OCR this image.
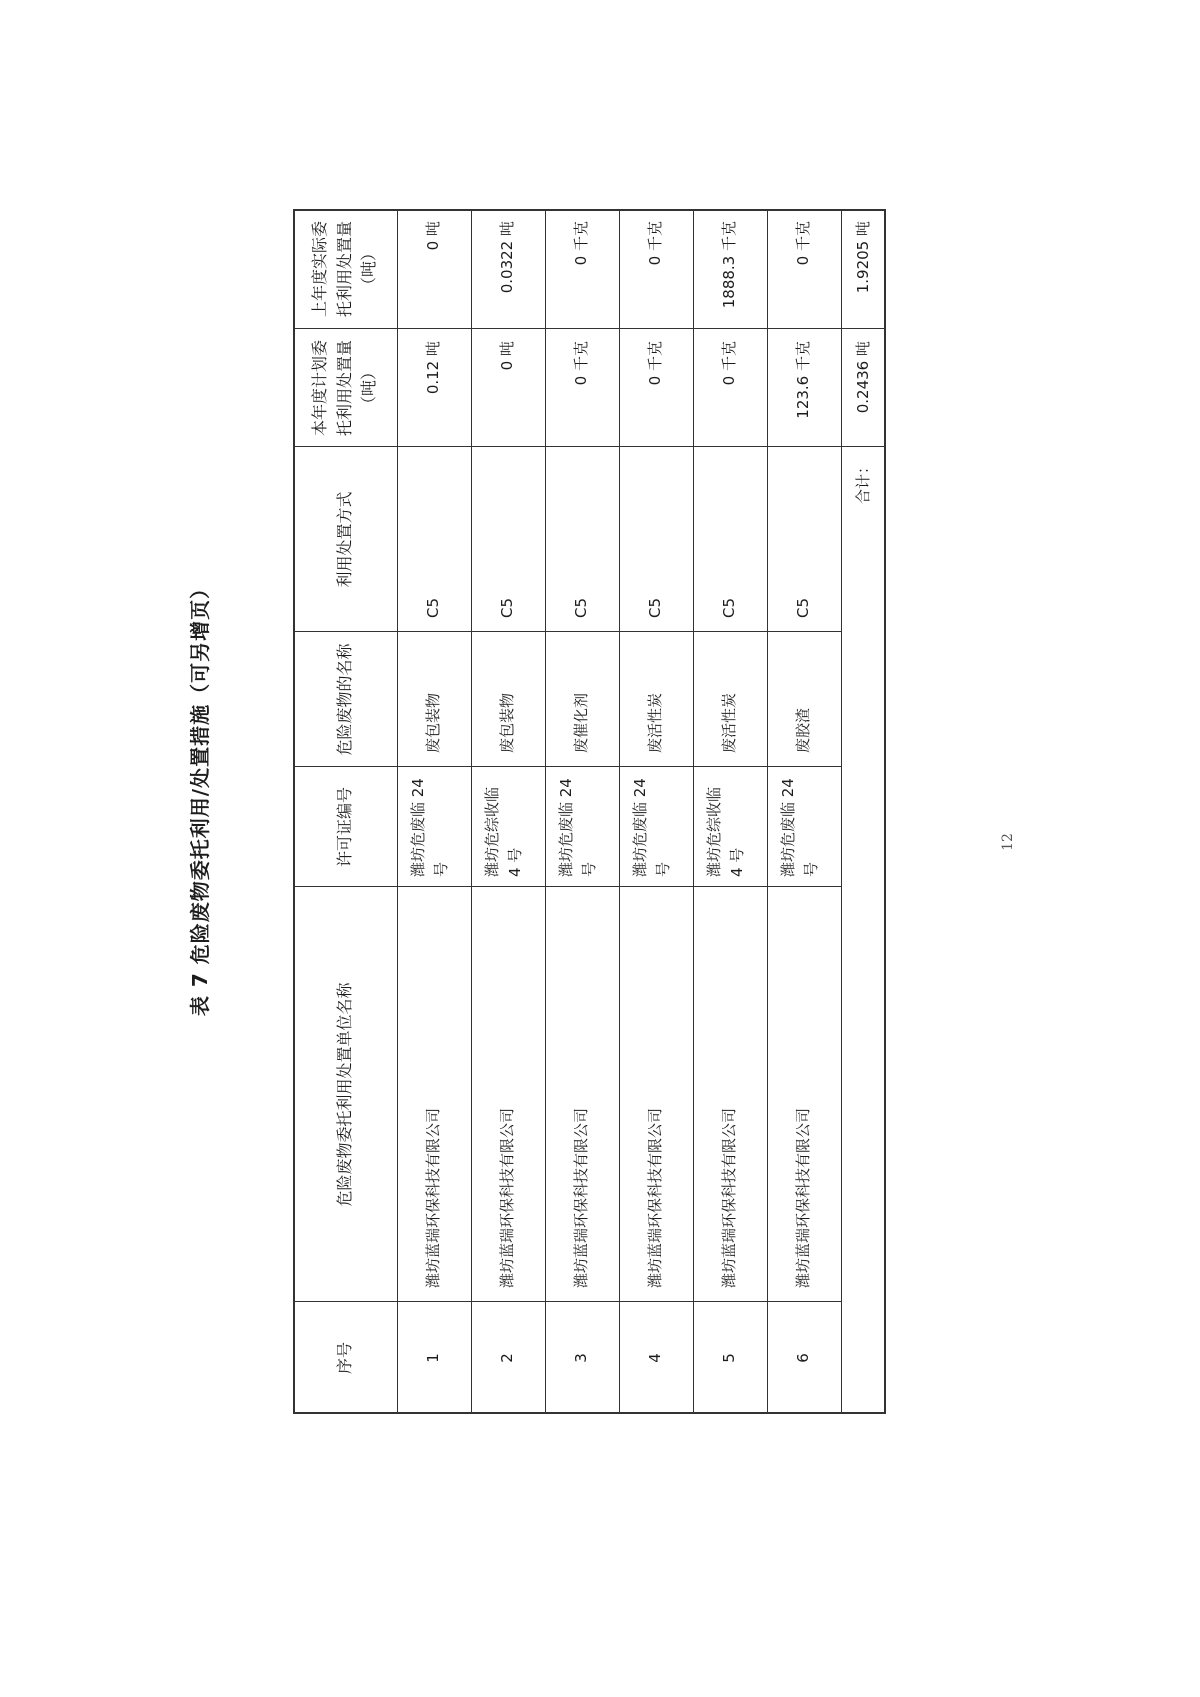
表 7 危险废物委托利用/处置措施（可另增页）
序号
危险废物委托利用处置单位名称
许可证编号
危险废物的名称
利用处置方式
本年度计划委托利用处置量（吨）
上年度实际委托利用处置量（吨）
1
潍坊蓝瑞环保科技有限公司
潍坊危废临 24 号
废包装物
C5
0.12 吨
0 吨
2
潍坊蓝瑞环保科技有限公司
潍坊危综收临 4 号
废包装物
C5
0 吨
0.0322 吨
3
潍坊蓝瑞环保科技有限公司
潍坊危废临 24 号
废催化剂
C5
0 千克
0 千克
4
潍坊蓝瑞环保科技有限公司
潍坊危废临 24 号
废活性炭
C5
0 千克
0 千克
5
潍坊蓝瑞环保科技有限公司
潍坊危综收临 4 号
废活性炭
C5
0 千克
1888.3 千克
6
潍坊蓝瑞环保科技有限公司
潍坊危废临 24 号
废胶渣
C5
123.6 千克
0 千克
合计：
0.2436 吨
1.9205 吨
12
